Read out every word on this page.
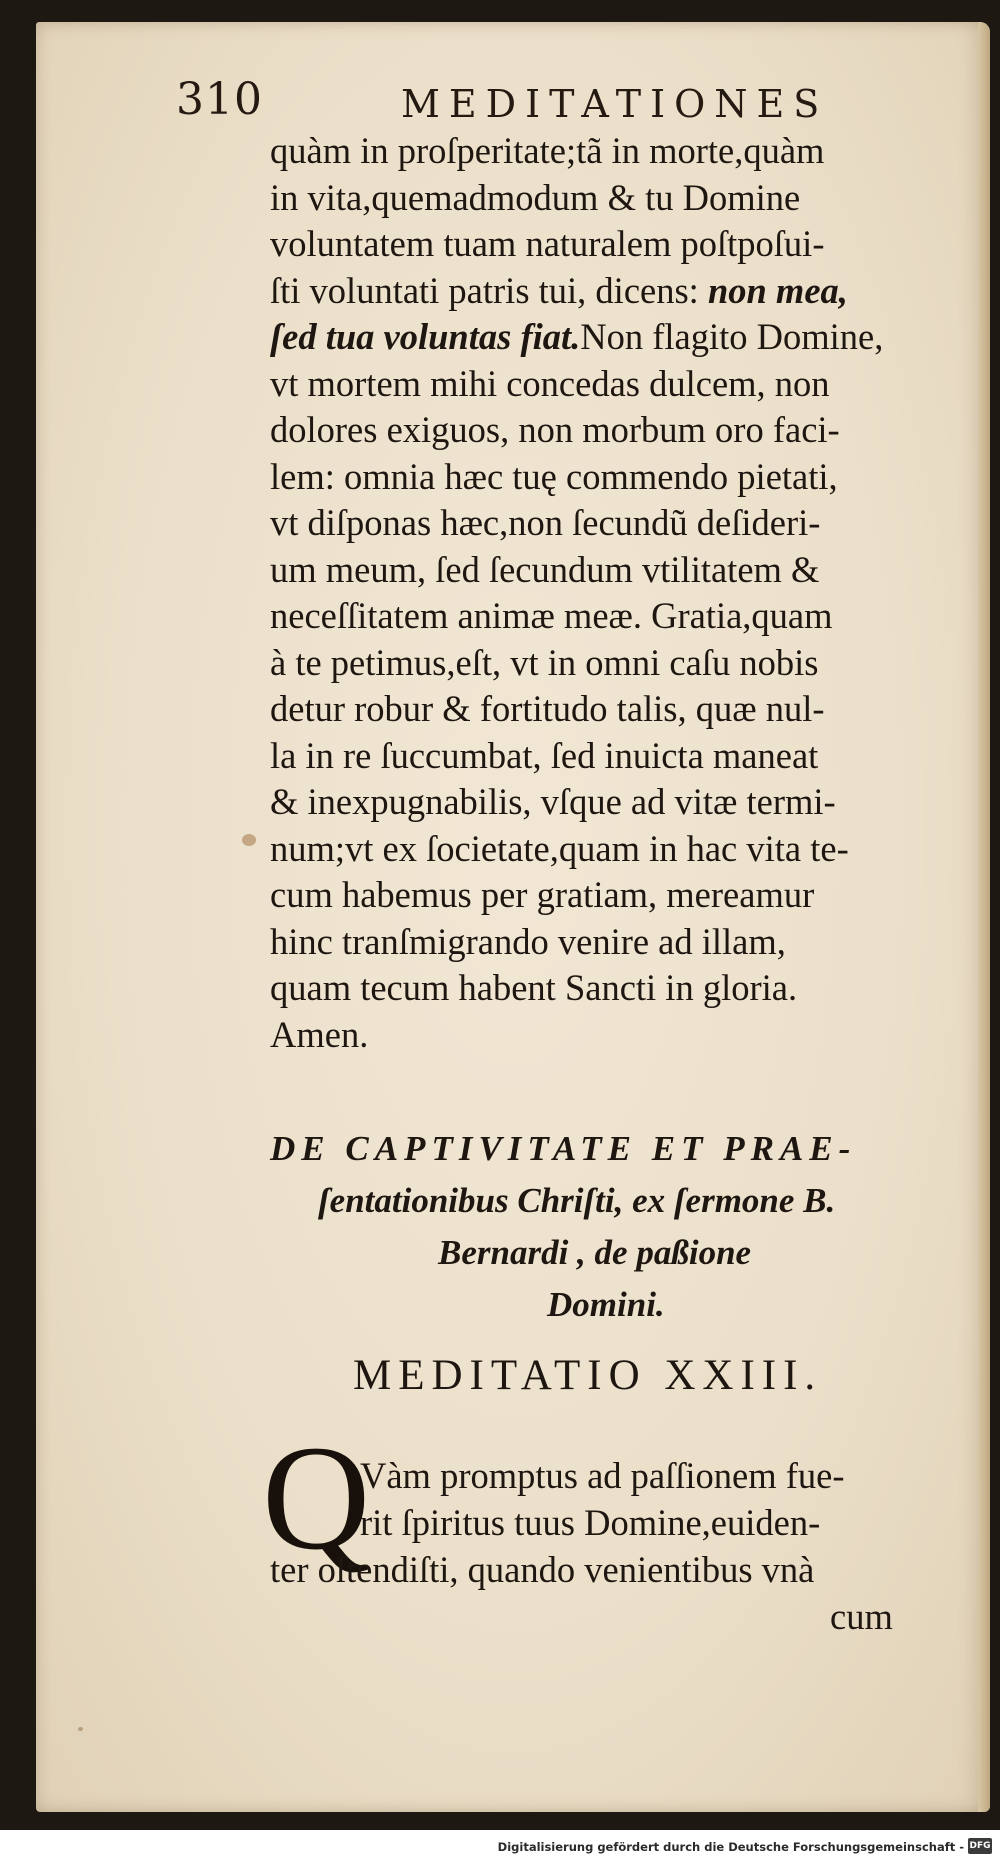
310	MEDITATIONES
quàm in proſperitate;tã in morte,quàm
in vita,quemadmodum & tu Domine
voluntatem tuam naturalem poſtpoſui-
ſti voluntati patris tui, dicens: non mea,
ſed tua voluntas fiat.Non flagito Domine,
vt mortem mihi concedas dulcem, non
dolores exiguos, non morbum oro faci-
lem: omnia hæc tuę commendo pietati,
vt diſponas hæc,non ſecundũ deſideri-
um meum, ſed ſecundum vtilitatem &
neceſſitatem animæ meæ. Gratia,quam
à te petimus,eſt, vt in omni caſu nobis
detur robur & fortitudo talis, quæ nul-
la in re ſuccumbat, ſed inuicta maneat
& inexpugnabilis, vſque ad vitæ termi-
num;vt ex ſocietate,quam in hac vita te-
cum habemus per gratiam, mereamur
hinc tranſmigrando venire ad illam,
quam tecum habent Sancti in gloria.
Amen.
DE CAPTIVITATE ET PRAE-
ſentationibus Chriſti, ex ſermone B.
Bernardi , de paßione
Domini.
MEDITATIO XXIII.
Q
Vàm promptus ad paſſionem fue-
rit ſpiritus tuus Domine,euiden-
ter oſtendiſti, quando venientibus vnà
cum
Digitalisierung gefördert durch die Deutsche Forschungsgemeinschaft - DFG
